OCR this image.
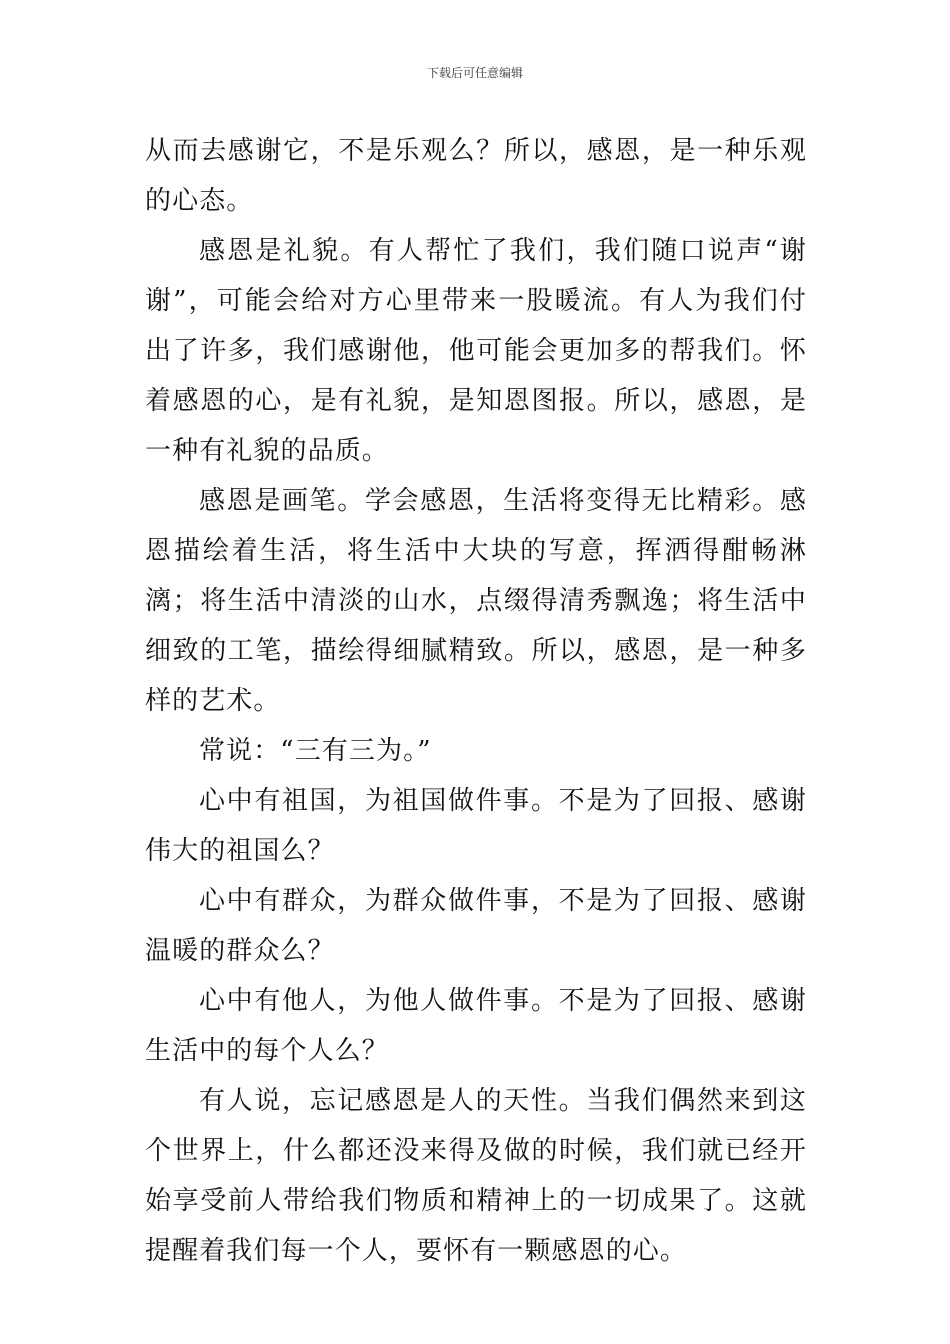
下载后可任意编辑

从而去感谢它，不是乐观么？所以，感恩，是一种乐观的心态。

感恩是礼貌。有人帮忙了我们，我们随口说声“谢谢”，可能会给对方心里带来一股暖流。有人为我们付出了许多，我们感谢他，他可能会更加多的帮我们。怀着感恩的心，是有礼貌，是知恩图报。所以，感恩，是一种有礼貌的品质。

感恩是画笔。学会感恩，生活将变得无比精彩。感恩描绘着生活，将生活中大块的写意，挥洒得酣畅淋漓；将生活中清淡的山水，点缀得清秀飘逸；将生活中细致的工笔，描绘得细腻精致。所以，感恩，是一种多样的艺术。

常说：“三有三为。”

心中有祖国，为祖国做件事。不是为了回报、感谢伟大的祖国么？

心中有群众，为群众做件事，不是为了回报、感谢温暖的群众么？

心中有他人，为他人做件事。不是为了回报、感谢生活中的每个人么？

有人说，忘记感恩是人的天性。当我们偶然来到这个世界上，什么都还没来得及做的时候，我们就已经开始享受前人带给我们物质和精神上的一切成果了。这就提醒着我们每一个人，要怀有一颗感恩的心。
